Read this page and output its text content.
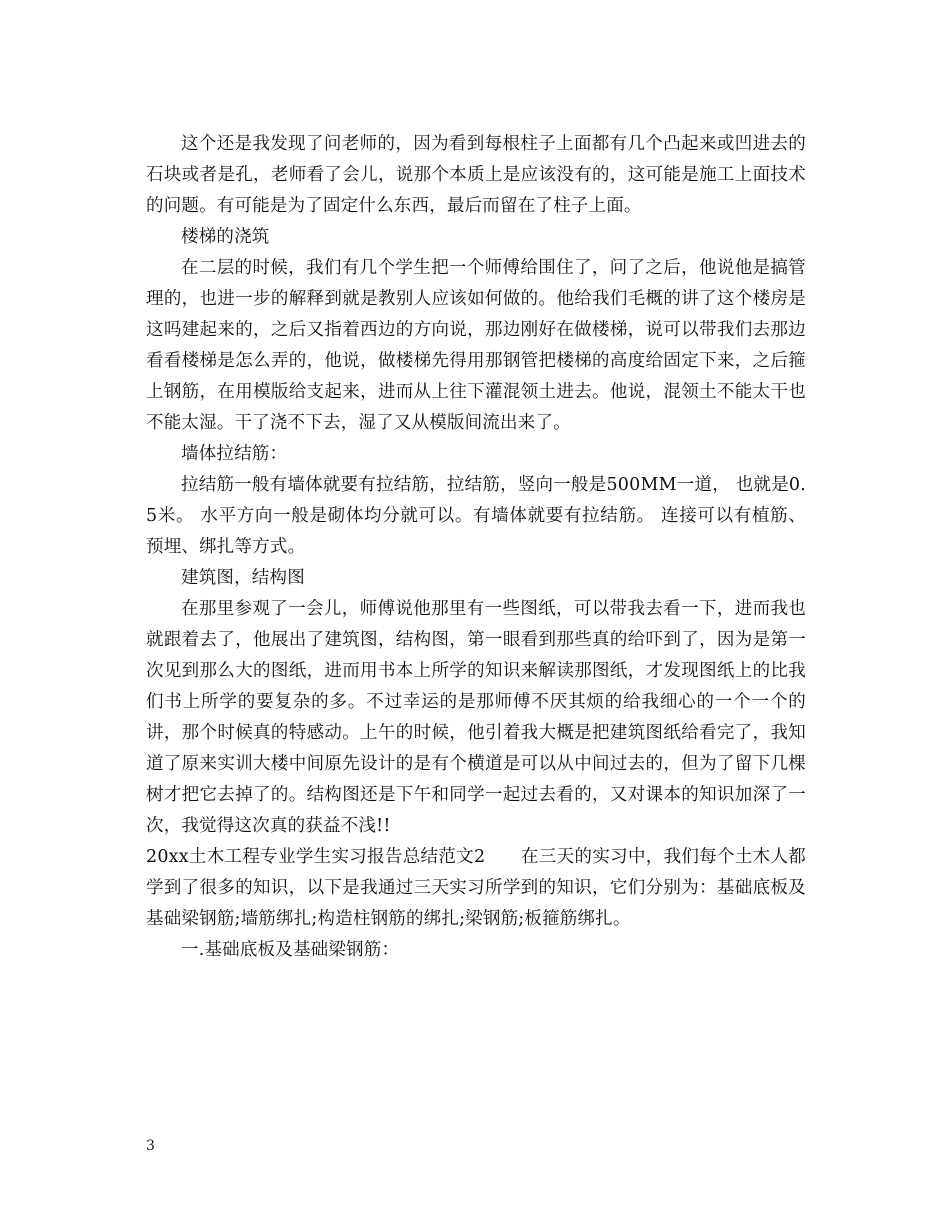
这个还是我发现了问老师的，因为看到每根柱子上面都有几个凸起来或凹进去的石块或者是孔，老师看了会儿，说那个本质上是应该没有的，这可能是施工上面技术的问题。有可能是为了固定什么东西，最后而留在了柱子上面。

楼梯的浇筑

在二层的时候，我们有几个学生把一个师傅给围住了，问了之后，他说他是搞管理的，也进一步的解释到就是教别人应该如何做的。他给我们毛概的讲了这个楼房是这吗建起来的，之后又指着西边的方向说，那边刚好在做楼梯，说可以带我们去那边看看楼梯是怎么弄的，他说，做楼梯先得用那钢管把楼梯的高度给固定下来，之后箍上钢筋，在用模版给支起来，进而从上往下灌混领土进去。他说，混领土不能太干也不能太湿。干了浇不下去，湿了又从模版间流出来了。

墙体拉结筋：

拉结筋一般有墙体就要有拉结筋，拉结筋，竖向一般是500MM一道， 也就是0.5米。 水平方向一般是砌体均分就可以。有墙体就要有拉结筋。 连接可以有植筋、预埋、绑扎等方式。

建筑图，结构图

在那里参观了一会儿，师傅说他那里有一些图纸，可以带我去看一下，进而我也就跟着去了，他展出了建筑图，结构图，第一眼看到那些真的给吓到了，因为是第一次见到那么大的图纸，进而用书本上所学的知识来解读那图纸，才发现图纸上的比我们书上所学的要复杂的多。不过幸运的是那师傅不厌其烦的给我细心的一个一个的讲，那个时候真的特感动。上午的时候，他引着我大概是把建筑图纸给看完了，我知道了原来实训大楼中间原先设计的是有个横道是可以从中间过去的，但为了留下几棵树才把它去掉了的。结构图还是下午和同学一起过去看的，又对课本的知识加深了一次，我觉得这次真的获益不浅!!

20xx土木工程专业学生实习报告总结范文2　　在三天的实习中，我们每个土木人都学到了很多的知识，以下是我通过三天实习所学到的知识，它们分别为：基础底板及基础梁钢筋;墙筋绑扎;构造柱钢筋的绑扎;梁钢筋;板箍筋绑扎。

一.基础底板及基础梁钢筋：

3
